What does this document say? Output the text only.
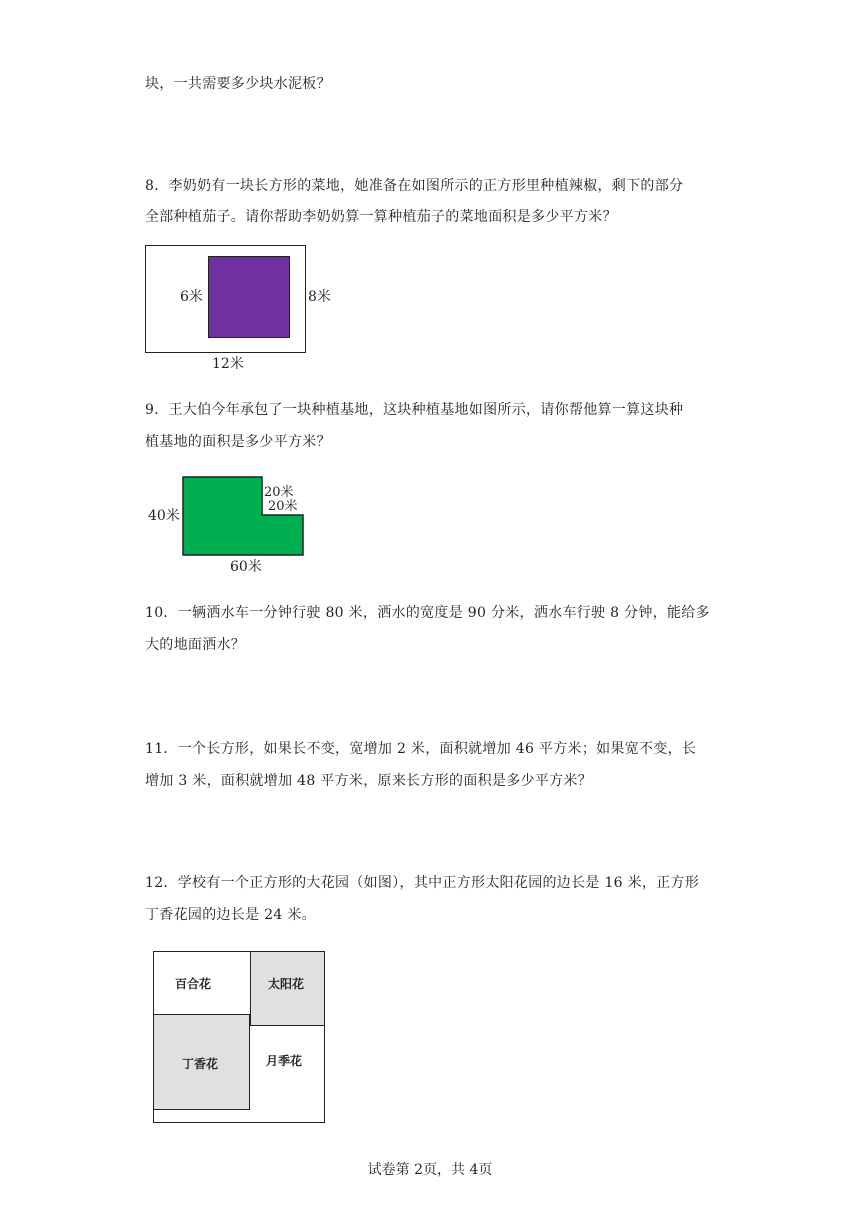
块，一共需要多少块水泥板？
8．李奶奶有一块长方形的菜地，她准备在如图所示的正方形里种植辣椒，剩下的部分
全部种植茄子。请你帮助李奶奶算一算种植茄子的菜地面积是多少平方米？
6米	8米
12米
9．王大伯今年承包了一块种植基地，这块种植基地如图所示，请你帮他算一算这块种
植基地的面积是多少平方米？
40米
20米
20米
60米
10．一辆洒水车一分钟行驶 80 米，洒水的宽度是 90 分米，洒水车行驶 8 分钟，能给多
大的地面洒水？
11．一个长方形，如果长不变，宽增加 2 米，面积就增加 46 平方米；如果宽不变，长
增加 3 米，面积就增加 48 平方米，原来长方形的面积是多少平方米？
12．学校有一个正方形的大花园（如图），其中正方形太阳花园的边长是 16 米，正方形
丁香花园的边长是 24 米。
百合花	太阳花
丁香花	月季花
试卷第 2页，共 4页
